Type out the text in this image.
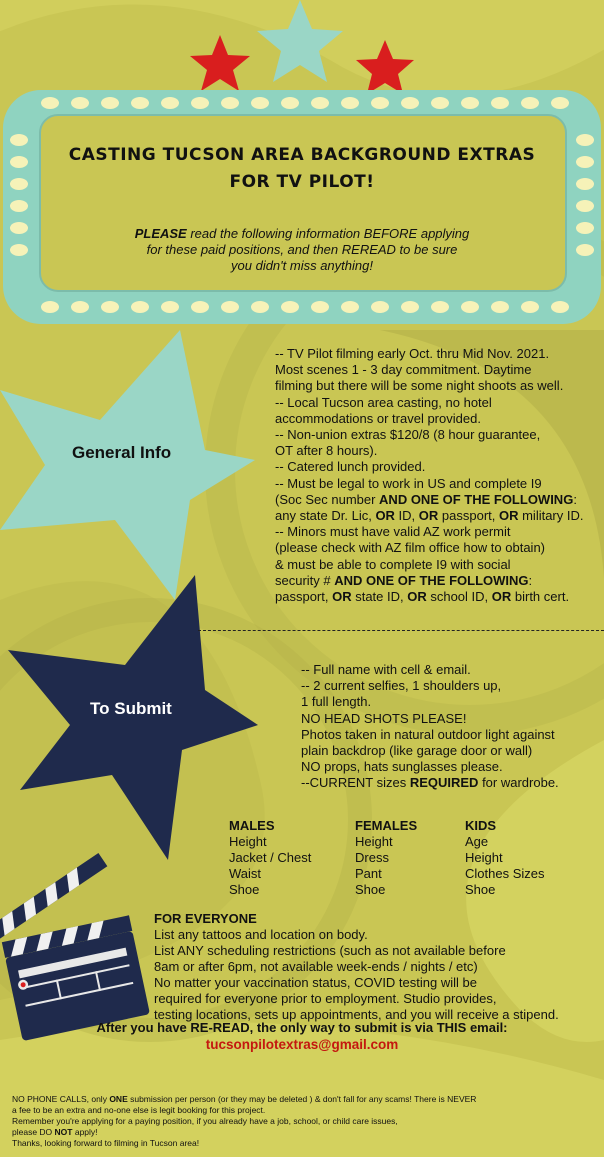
CASTING TUCSON AREA BACKGROUND EXTRAS
FOR TV PILOT!
PLEASE read the following information BEFORE applying
for these paid positions, and then REREAD to be sure
you didn't miss anything!
General Info
To Submit
-- TV Pilot filming early Oct. thru Mid Nov. 2021.
Most scenes 1 - 3 day commitment. Daytime
filming but there will be some night shoots as well.
-- Local Tucson area casting, no hotel
accommodations or travel provided.
-- Non-union extras $120/8 (8 hour guarantee,
OT after 8 hours).
-- Catered lunch provided.
-- Must be legal to work in US and complete I9
(Soc Sec number AND ONE OF THE FOLLOWING:
any state Dr. Lic, OR ID, OR passport, OR military ID.
-- Minors must have valid AZ work permit
(please check with AZ film office how to obtain)
& must be able to complete I9 with social
security # AND ONE OF THE FOLLOWING:
passport, OR state ID, OR school ID, OR birth cert.
-- Full name with cell & email.
-- 2 current selfies, 1 shoulders up,
1 full length.
NO HEAD SHOTS PLEASE!
Photos taken in natural outdoor light against
plain backdrop (like garage door or wall)
NO props, hats sunglasses please.
--CURRENT sizes REQUIRED for wardrobe.
MALES
Height
Jacket / Chest
Waist
Shoe
FEMALES
Height
Dress
Pant
Shoe
KIDS
Age
Height
Clothes Sizes
Shoe
FOR EVERYONE
List any tattoos and location on body.
List ANY scheduling restrictions (such as not available before
8am or after 6pm, not available week-ends / nights / etc)
No matter your vaccination status, COVID testing will be
required for everyone prior to employment. Studio provides,
testing locations, sets up appointments, and you will receive a stipend.
After you have RE-READ, the only way to submit is via THIS email:
tucsonpilotextras@gmail.com
NO PHONE CALLS, only ONE submission per person (or they may be deleted ) & don't fall for any scams! There is NEVER
a fee to be an extra and no-one else is legit booking for this project.
Remember you're applying for a paying position, if you already have a job, school, or child care issues,
please DO NOT apply!
Thanks, looking forward to filming in Tucson area!
